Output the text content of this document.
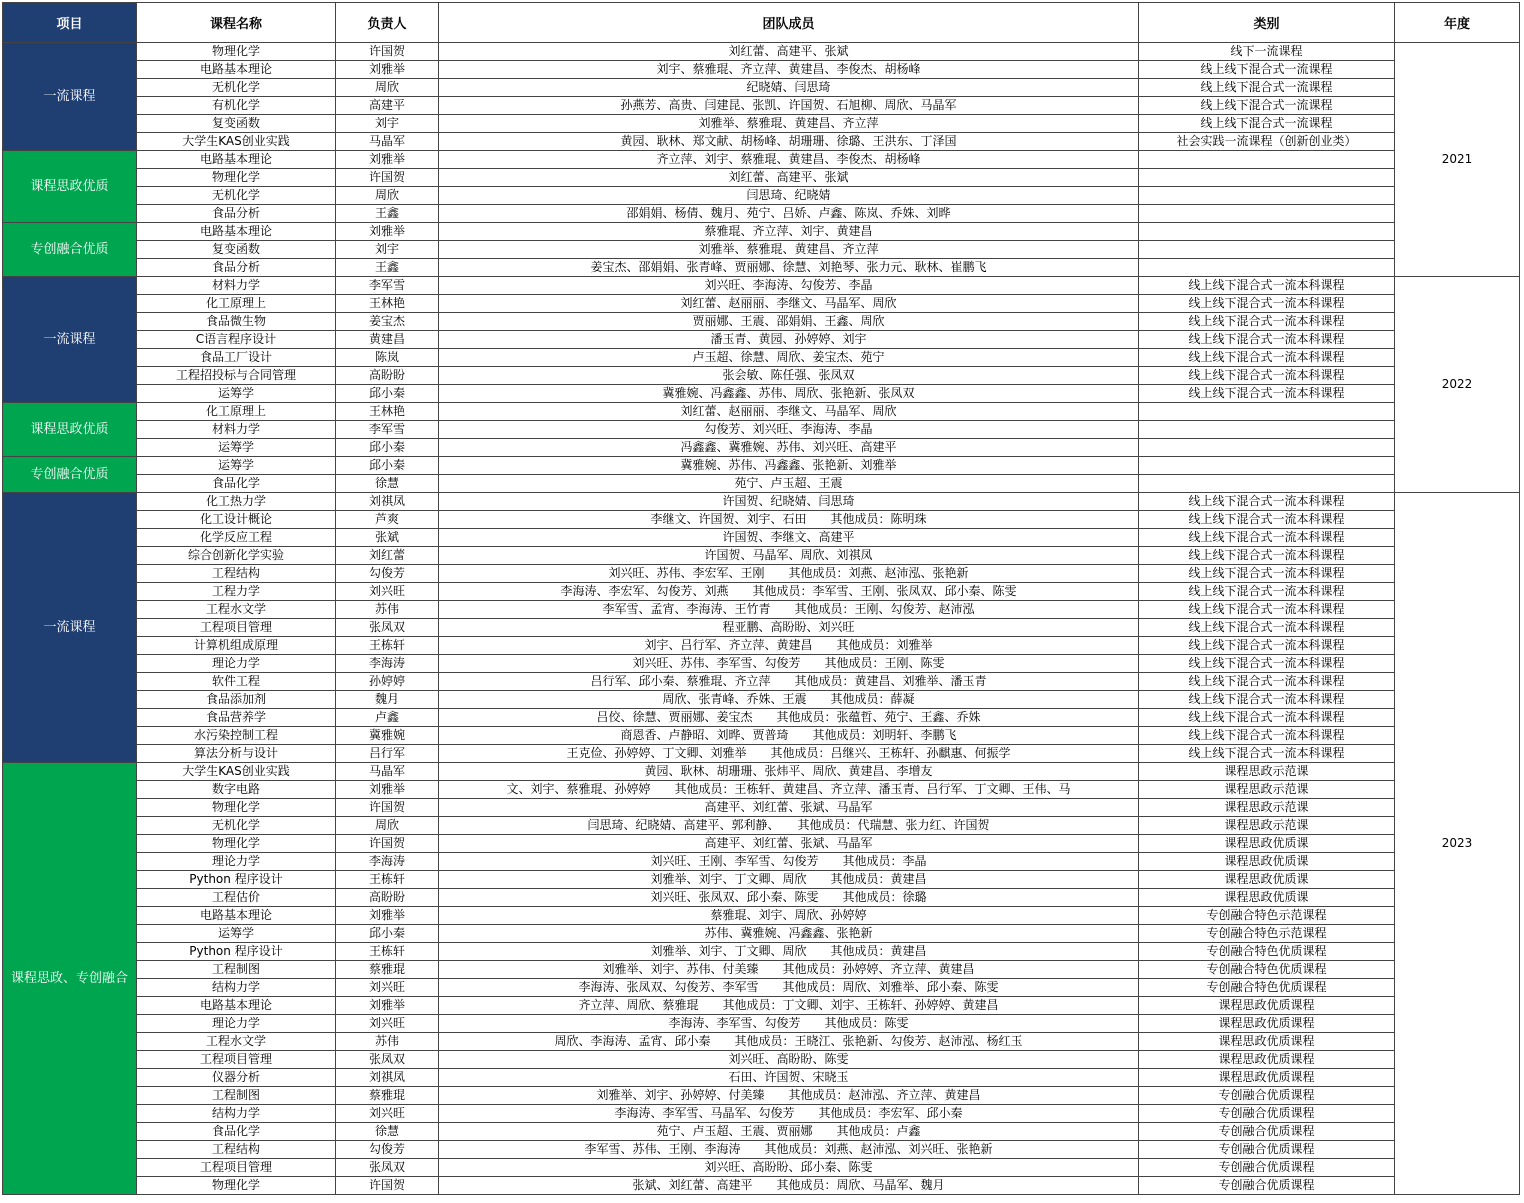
项目	课程名称	负责人	团队成员	类别	年度
一流课程	物理化学	许国贺	刘红蕾、高建平、张斌	线下一流课程	2021
	电路基本理论	刘雅举	刘宇、蔡雅琨、齐立萍、黄建昌、李俊杰、胡杨峰	线上线下混合式一流课程	
	无机化学	周欣	纪晓婧、闫思琦	线上线下混合式一流课程	
	有机化学	高建平	孙燕芳、高贵、闫建昆、张凯、许国贺、石旭柳、周欣、马晶军	线上线下混合式一流课程	
	复变函数	刘宇	刘雅举、蔡雅琨、黄建昌、齐立萍	线上线下混合式一流课程	
	大学生KAS创业实践	马晶军	黄园、耿林、郑文献、胡杨峰、胡珊珊、徐璐、王洪东、丁泽国	社会实践一流课程（创新创业类）	
课程思政优质	电路基本理论	刘雅举	齐立萍、刘宇、蔡雅琨、黄建昌、李俊杰、胡杨峰		
	物理化学	许国贺	刘红蕾、高建平、张斌		
	无机化学	周欣	闫思琦、纪晓婧		
	食品分析	王鑫	邵娟娟、杨倩、魏月、苑宁、吕娇、卢鑫、陈岚、乔姝、刘晔		
专创融合优质	电路基本理论	刘雅举	蔡雅琨、齐立萍、刘宇、黄建昌		
	复变函数	刘宇	刘雅举、蔡雅琨、黄建昌、齐立萍		
	食品分析	王鑫	姜宝杰、邵娟娟、张青峰、贾丽娜、徐慧、刘艳琴、张力元、耿林、崔鹏飞		
一流课程	材料力学	李军雪	刘兴旺、李海涛、勾俊芳、李晶	线上线下混合式一流本科课程	2022
	化工原理上	王林艳	刘红蕾、赵丽丽、李继文、马晶军、周欣	线上线下混合式一流本科课程	
	食品微生物	姜宝杰	贾丽娜、王震、邵娟娟、王鑫、周欣	线上线下混合式一流本科课程	
	C语言程序设计	黄建昌	潘玉青、黄园、孙婷婷、刘宇	线上线下混合式一流本科课程	
	食品工厂设计	陈岚	卢玉超、徐慧、周欣、姜宝杰、苑宁	线上线下混合式一流本科课程	
	工程招投标与合同管理	高盼盼	张会敏、陈任强、张凤双	线上线下混合式一流本科课程	
	运筹学	邱小秦	冀雅婉、冯鑫鑫、苏伟、周欣、张艳新、张凤双	线上线下混合式一流本科课程	
课程思政优质	化工原理上	王林艳	刘红蕾、赵丽丽、李继文、马晶军、周欣		
	材料力学	李军雪	勾俊芳、刘兴旺、李海涛、李晶		
	运筹学	邱小秦	冯鑫鑫、冀雅婉、苏伟、刘兴旺、高建平		
专创融合优质	运筹学	邱小秦	冀雅婉、苏伟、冯鑫鑫、张艳新、刘雅举		
	食品化学	徐慧	苑宁、卢玉超、王震		
一流课程	化工热力学	刘祺凤	许国贺、纪晓婧、闫思琦	线上线下混合式一流本科课程	2023
	化工设计概论	芦爽	李继文、许国贺、刘宇、石田　　其他成员：陈明珠	线上线下混合式一流本科课程	
	化学反应工程	张斌	许国贺、李继文、高建平	线上线下混合式一流本科课程	
	综合创新化学实验	刘红蕾	许国贺、马晶军、周欣、刘祺凤	线上线下混合式一流本科课程	
	工程结构	勾俊芳	刘兴旺、苏伟、李宏军、王刚　　其他成员：刘燕、赵沛泓、张艳新	线上线下混合式一流本科课程	
	工程力学	刘兴旺	李海涛、李宏军、勾俊芳、刘燕　　其他成员：李军雪、王刚、张凤双、邱小秦、陈雯	线上线下混合式一流本科课程	
	工程水文学	苏伟	李军雪、孟宵、李海涛、王竹青　　其他成员：王刚、勾俊芳、赵沛泓	线上线下混合式一流本科课程	
	工程项目管理	张凤双	程亚鹏、高盼盼、刘兴旺	线上线下混合式一流本科课程	
	计算机组成原理	王栋轩	刘宇、吕行军、齐立萍、黄建昌　　其他成员：刘雅举	线上线下混合式一流本科课程	
	理论力学	李海涛	刘兴旺、苏伟、李军雪、勾俊芳　　其他成员：王刚、陈雯	线上线下混合式一流本科课程	
	软件工程	孙婷婷	吕行军、邱小秦、蔡雅琨、齐立萍　　其他成员：黄建昌、刘雅举、潘玉青	线上线下混合式一流本科课程	
	食品添加剂	魏月	周欣、张青峰、乔姝、王震　　其他成员：薛凝	线上线下混合式一流本科课程	
	食品营养学	卢鑫	吕佼、徐慧、贾丽娜、姜宝杰　　其他成员：张蕴哲、苑宁、王鑫、乔姝	线上线下混合式一流本科课程	
	水污染控制工程	冀雅婉	商恩香、卢静昭、刘晔、贾普琦　　其他成员：刘明轩、李鹏飞	线上线下混合式一流本科课程	
	算法分析与设计	吕行军	王克俭、孙婷婷、丁文卿、刘雅举　　其他成员：吕继兴、王栋轩、孙麒惠、何振学	线上线下混合式一流本科课程	
课程思政、专创融合	大学生KAS创业实践	马晶军	黄园、耿林、胡珊珊、张炜平、周欣、黄建昌、李增友	课程思政示范课	
	数字电路	刘雅举	文、刘宇、蔡雅琨、孙婷婷　　其他成员：王栋轩、黄建昌、齐立萍、潘玉青、吕行军、丁文卿、王伟、马	课程思政示范课	
	物理化学	许国贺	高建平、刘红蕾、张斌、马晶军	课程思政示范课	
	无机化学	周欣	闫思琦、纪晓婧、高建平、郭利静、　　其他成员：代瑞慧、张力红、许国贺	课程思政示范课	
	物理化学	许国贺	高建平、刘红蕾、张斌、马晶军	课程思政优质课	
	理论力学	李海涛	刘兴旺、王刚、李军雪、勾俊芳　　其他成员：李晶	课程思政优质课	
	Python 程序设计	王栋轩	刘雅举、刘宇、丁文卿、周欣　　其他成员：黄建昌	课程思政优质课	
	工程估价	高盼盼	刘兴旺、张凤双、邱小秦、陈雯　　其他成员：徐璐	课程思政优质课	
	电路基本理论	刘雅举	蔡雅琨、刘宇、周欣、孙婷婷	专创融合特色示范课程	
	运筹学	邱小秦	苏伟、冀雅婉、冯鑫鑫、张艳新	专创融合特色示范课程	
	Python 程序设计	王栋轩	刘雅举、刘宇、丁文卿、周欣　　其他成员：黄建昌	专创融合特色优质课程	
	工程制图	蔡雅琨	刘雅举、刘宇、苏伟、付美臻　　其他成员：孙婷婷、齐立萍、黄建昌	专创融合特色优质课程	
	结构力学	刘兴旺	李海涛、张凤双、勾俊芳、李军雪　　其他成员：周欣、刘雅举、邱小秦、陈雯	专创融合特色优质课程	
	电路基本理论	刘雅举	齐立萍、周欣、蔡雅琨　　其他成员：丁文卿、刘宇、王栋轩、孙婷婷、黄建昌	课程思政优质课程	
	理论力学	刘兴旺	李海涛、李军雪、勾俊芳　　其他成员：陈雯	课程思政优质课程	
	工程水文学	苏伟	周欣、李海涛、孟宵、邱小秦　　其他成员：王晓江、张艳新、勾俊芳、赵沛泓、杨红玉	课程思政优质课程	
	工程项目管理	张凤双	刘兴旺、高盼盼、陈雯	课程思政优质课程	
	仪器分析	刘祺凤	石田、许国贺、宋晓玉	课程思政优质课程	
	工程制图	蔡雅琨	刘雅举、刘宇、孙婷婷、付美臻　　其他成员：赵沛泓、齐立萍、黄建昌	专创融合优质课程	
	结构力学	刘兴旺	李海涛、李军雪、马晶军、勾俊芳　　其他成员：李宏军、邱小秦	专创融合优质课程	
	食品化学	徐慧	苑宁、卢玉超、王震、贾丽娜　　其他成员：卢鑫	专创融合优质课程	
	工程结构	勾俊芳	李军雪、苏伟、王刚、李海涛　　其他成员：刘燕、赵沛泓、刘兴旺、张艳新	专创融合优质课程	
	工程项目管理	张凤双	刘兴旺、高盼盼、邱小秦、陈雯	专创融合优质课程	
	物理化学	许国贺	张斌、刘红蕾、高建平　　其他成员：周欣、马晶军、魏月	专创融合优质课程	
